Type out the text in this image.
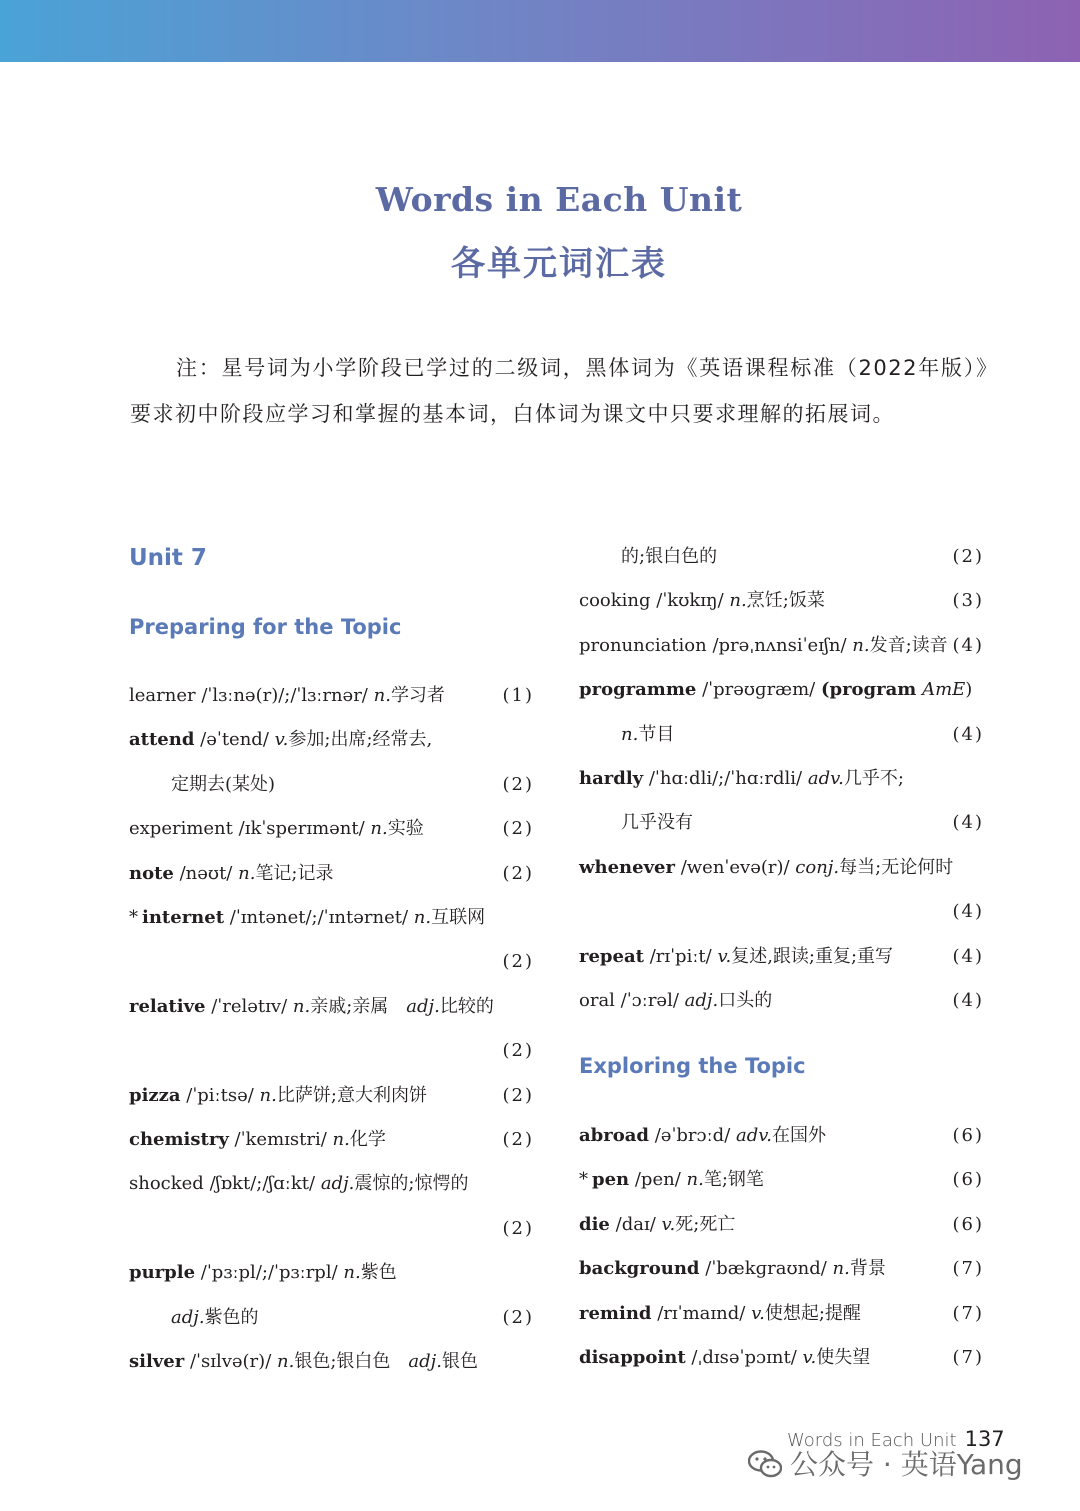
Words in Each Unit
各单元词汇表
注：星号词为小学阶段已学过的二级词，黑体词为《英语课程标准（2022年版）》要求初中阶段应学习和掌握的基本词，白体词为课文中只要求理解的拓展词。
Unit 7
Preparing for the Topic
Exploring the Topic
learner /ˈlɜːnə(r)/;/ˈlɜːrnər/ n.学习者	(1)
attend /əˈtend/ v.参加;出席;经常去,
定期去(某处)	(2)
experiment /ɪkˈsperɪmənt/ n.实验	(2)
note /nəʊt/ n.笔记;记录	(2)
* internet /ˈɪntənet/;/ˈɪntərnet/ n.互联网
(2)
relative /ˈrelətɪv/ n.亲戚;亲属  adj.比较的
(2)
pizza /ˈpiːtsə/ n.比萨饼;意大利肉饼	(2)
chemistry /ˈkemɪstri/ n.化学	(2)
shocked /ʃɒkt/;/ʃɑːkt/ adj.震惊的;惊愕的
(2)
purple /ˈpɜːpl/;/ˈpɜːrpl/ n.紫色
adj.紫色的	(2)
silver /ˈsɪlvə(r)/ n.银色;银白色  adj.银色
的;银白色的	(2)
cooking /ˈkʊkɪŋ/ n.烹饪;饭菜	(3)
pronunciation /prəˌnʌnsiˈeɪʃn/ n.发音;读音 (4)
programme /ˈprəʊɡræm/ (program AmE)
n.节目	(4)
hardly /ˈhɑːdli/;/ˈhɑːrdli/ adv.几乎不;
几乎没有	(4)
whenever /wenˈevə(r)/ conj.每当;无论何时
(4)
repeat /rɪˈpiːt/ v.复述,跟读;重复;重写	(4)
oral /ˈɔːrəl/ adj.口头的	(4)
abroad /əˈbrɔːd/ adv.在国外	(6)
* pen /pen/ n.笔;钢笔	(6)
die /daɪ/ v.死;死亡	(6)
background /ˈbækɡraʊnd/ n.背景	(7)
remind /rɪˈmaɪnd/ v.使想起;提醒	(7)
disappoint /ˌdɪsəˈpɔɪnt/ v.使失望	(7)
Words in Each Unit 137
公众号 · 英语Yang
